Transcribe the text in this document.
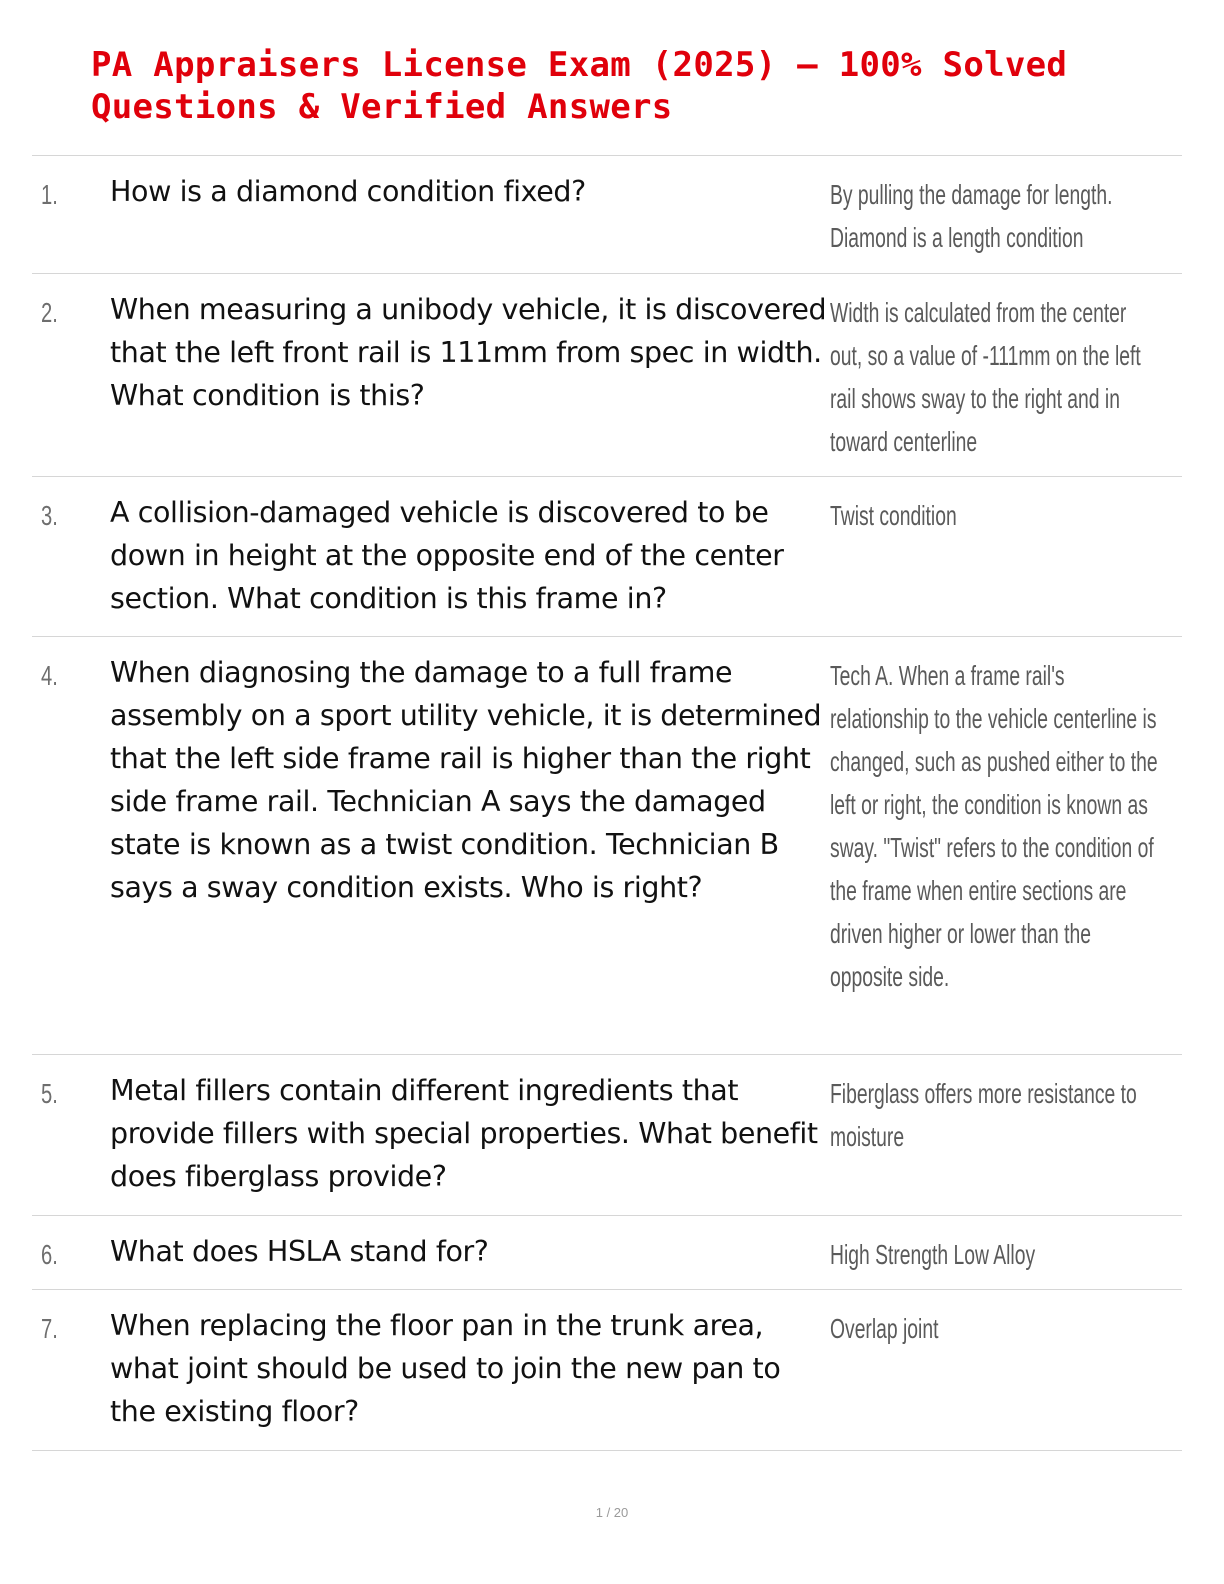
PA Appraisers License Exam (2025) – 100% Solved Questions & Verified Answers
1. How is a diamond condition fixed?	By pulling the damage for length. Diamond is a length condition
2. When measuring a unibody vehicle, it is discovered that the left front rail is 111mm from spec in width. What condition is this?
Width is calculated from the center out, so a value of -111mm on the left rail shows sway to the right and in toward centerline
3. A collision-damaged vehicle is discovered to be down in height at the opposite end of the center section. What condition is this frame in?
Twist condition
4. When diagnosing the damage to a full frame assembly on a sport utility vehicle, it is determined that the left side frame rail is higher than the right side frame rail. Technician A says the damaged state is known as a twist condition. Technician B says a sway condition exists. Who is right?
Tech A. When a frame rail's relationship to the vehicle centerline is changed, such as pushed either to the left or right, the condition is known as sway. "Twist" refers to the condition of the frame when entire sections are driven higher or lower than the opposite side.
5. Metal fillers contain different ingredients that provide fillers with special properties. What benefit does fiberglass provide?
Fiberglass offers more resistance to moisture
6. What does HSLA stand for?	High Strength Low Alloy
7. When replacing the floor pan in the trunk area, what joint should be used to join the new pan to the existing floor?
Overlap joint
1 / 20
